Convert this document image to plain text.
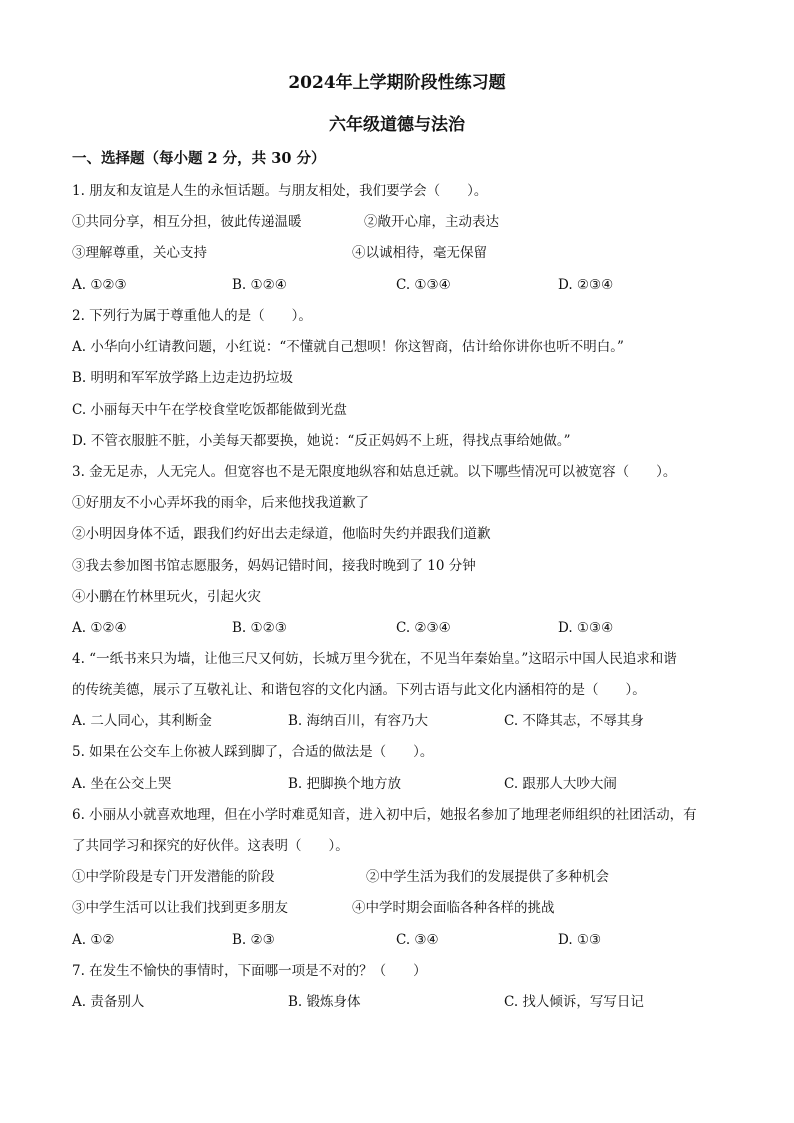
2024年上学期阶段性练习题
六年级道德与法治
一、选择题（每小题 2 分，共 30 分）
1. 朋友和友谊是人生的永恒话题。与朋友相处，我们要学会（　　）。
①共同分享，相互分担，彼此传递温暖	②敞开心扉，主动表达
③理解尊重，关心支持	④以诚相待，毫无保留
A. ①②③	B. ①②④	C. ①③④	D. ②③④
2. 下列行为属于尊重他人的是（　　）。
A. 小华向小红请教问题，小红说：“不懂就自己想呗！你这智商，估计给你讲你也听不明白。”
B. 明明和军军放学路上边走边扔垃圾
C. 小丽每天中午在学校食堂吃饭都能做到光盘
D. 不管衣服脏不脏，小美每天都要换，她说：“反正妈妈不上班，得找点事给她做。”
3. 金无足赤，人无完人。但宽容也不是无限度地纵容和姑息迁就。以下哪些情况可以被宽容（　　）。
①好朋友不小心弄坏我的雨伞，后来他找我道歉了
②小明因身体不适，跟我们约好出去走绿道，他临时失约并跟我们道歉
③我去参加图书馆志愿服务，妈妈记错时间，接我时晚到了 10 分钟
④小鹏在竹林里玩火，引起火灾
A. ①②④	B. ①②③	C. ②③④	D. ①③④
4. “一纸书来只为墙，让他三尺又何妨，长城万里今犹在，不见当年秦始皇。”这昭示中国人民追求和谐
的传统美德，展示了互敬礼让、和谐包容的文化内涵。下列古语与此文化内涵相符的是（　　）。
A. 二人同心，其利断金	B. 海纳百川，有容乃大	C. 不降其志，不辱其身
5. 如果在公交车上你被人踩到脚了，合适的做法是（　　）。
A. 坐在公交上哭	B. 把脚换个地方放	C. 跟那人大吵大闹
6. 小丽从小就喜欢地理，但在小学时难觅知音，进入初中后，她报名参加了地理老师组织的社团活动，有
了共同学习和探究的好伙伴。这表明（　　）。
①中学阶段是专门开发潜能的阶段	②中学生活为我们的发展提供了多种机会
③中学生活可以让我们找到更多朋友	④中学时期会面临各种各样的挑战
A. ①②	B. ②③	C. ③④	D. ①③
7. 在发生不愉快的事情时，下面哪一项是不对的？（　　）
A. 责备别人	B. 锻炼身体	C. 找人倾诉，写写日记
